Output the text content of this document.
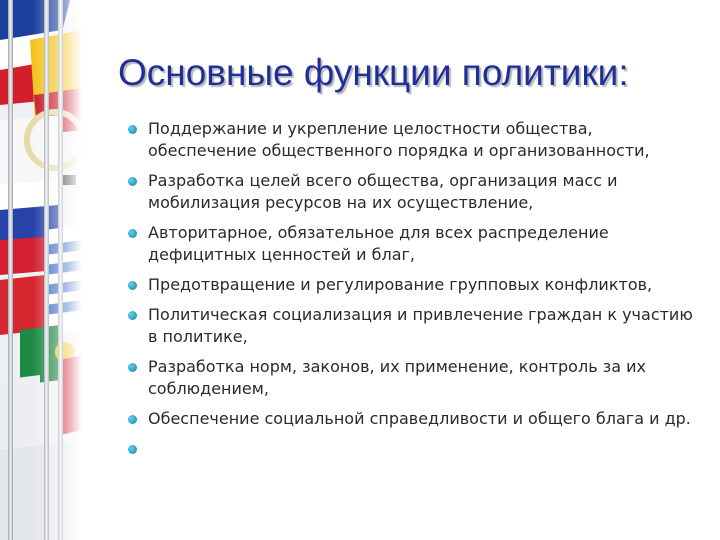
Основные функции политики:
Поддержание и укрепление целостности общества, обеспечение общественного порядка и организованности,
Разработка целей всего общества, организация масс и мобилизация ресурсов на их осуществление,
Авторитарное, обязательное для всех распределение дефицитных ценностей и благ,
Предотвращение и регулирование групповых конфликтов,
Политическая социализация и привлечение граждан к участию в политике,
Разработка норм, законов, их применение, контроль за их соблюдением,
Обеспечение социальной справедливости и общего блага и др.
